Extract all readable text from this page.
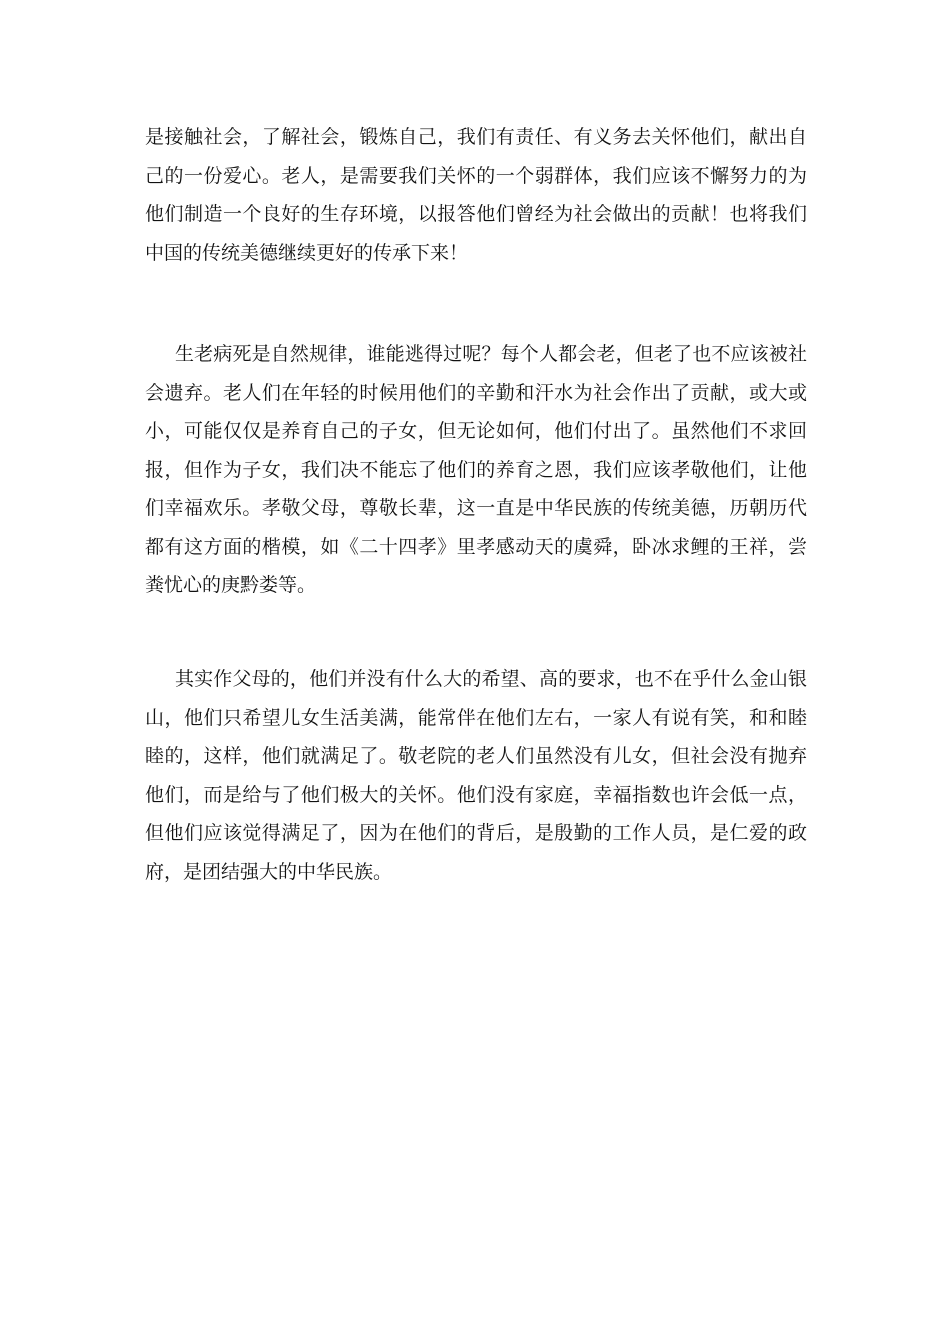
是接触社会，了解社会，锻炼自己，我们有责任、有义务去关怀他们，献出自己的一份爱心。老人，是需要我们关怀的一个弱群体，我们应该不懈努力的为他们制造一个良好的生存环境，以报答他们曾经为社会做出的贡献！也将我们中国的传统美德继续更好的传承下来！

生老病死是自然规律，谁能逃得过呢？每个人都会老，但老了也不应该被社会遗弃。老人们在年轻的时候用他们的辛勤和汗水为社会作出了贡献，或大或小，可能仅仅是养育自己的子女，但无论如何，他们付出了。虽然他们不求回报，但作为子女，我们决不能忘了他们的养育之恩，我们应该孝敬他们，让他们幸福欢乐。孝敬父母，尊敬长辈，这一直是中华民族的传统美德，历朝历代都有这方面的楷模，如《二十四孝》里孝感动天的虞舜，卧冰求鲤的王祥，尝粪忧心的庚黔娄等。

其实作父母的，他们并没有什么大的希望、高的要求，也不在乎什么金山银山，他们只希望儿女生活美满，能常伴在他们左右，一家人有说有笑，和和睦睦的，这样，他们就满足了。敬老院的老人们虽然没有儿女，但社会没有抛弃他们，而是给与了他们极大的关怀。他们没有家庭，幸福指数也许会低一点，但他们应该觉得满足了，因为在他们的背后，是殷勤的工作人员，是仁爱的政府，是团结强大的中华民族。
